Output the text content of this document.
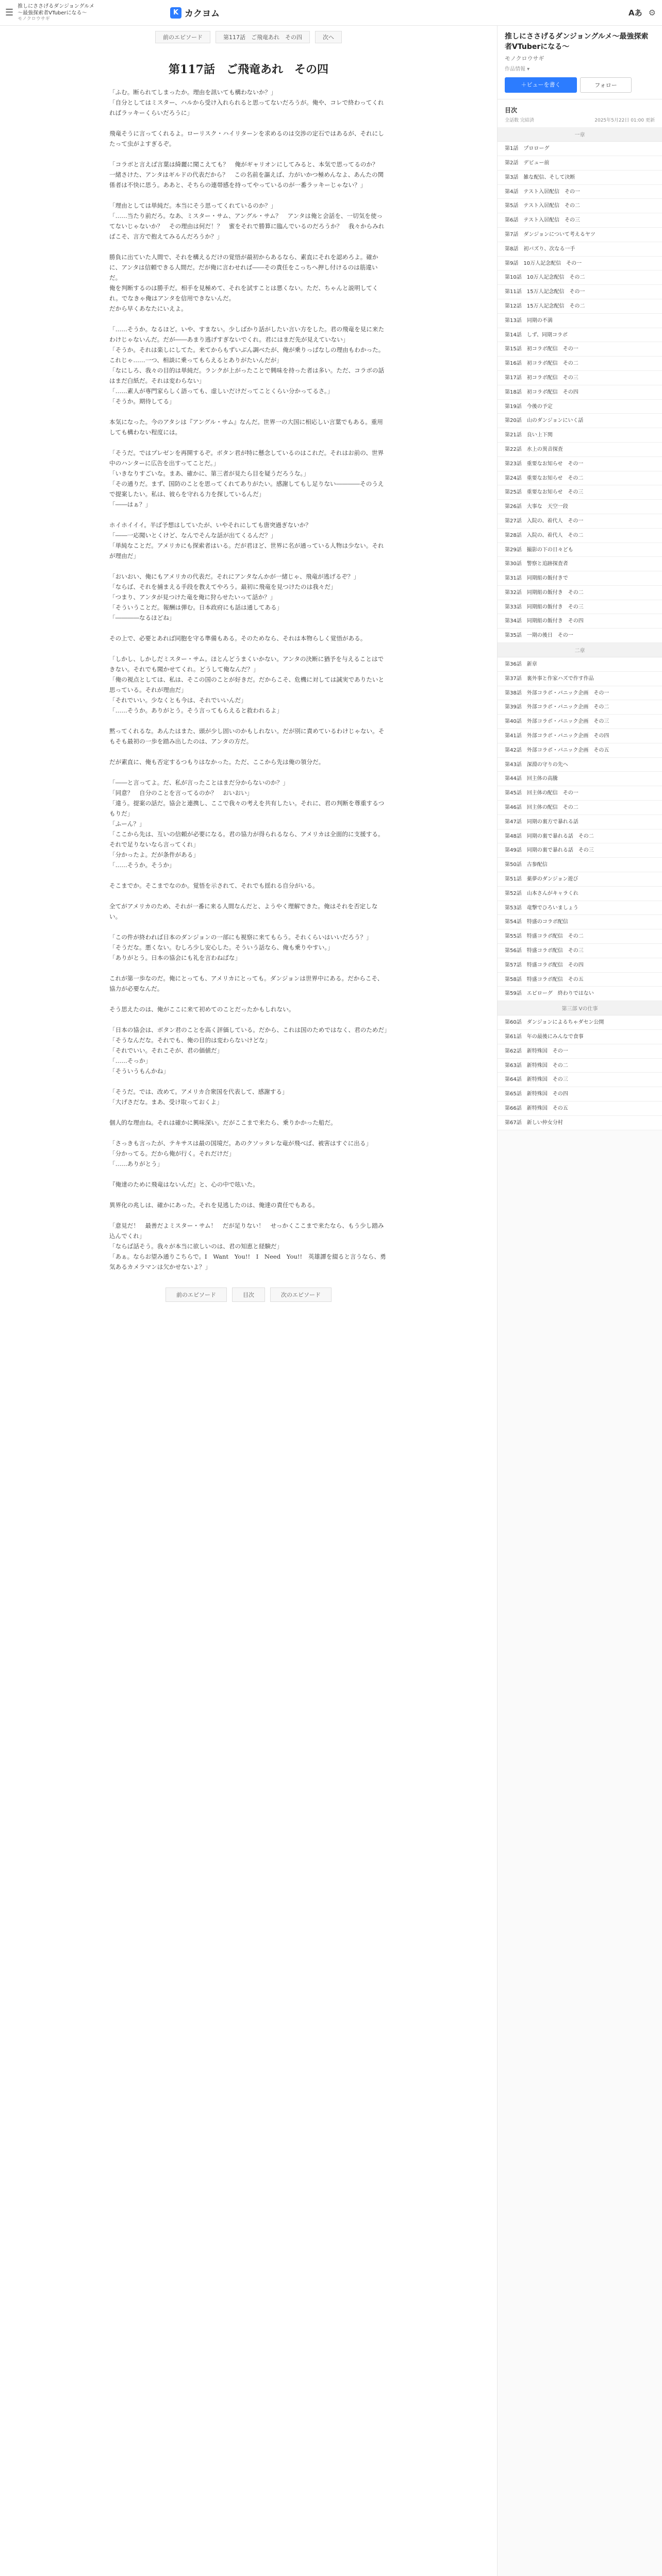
☰
推しにささげるダンジョングルメ～最強探索者VTuberになる～
モノクロウサギ
K カクヨム	Aあ ⚙
前のエピソード	第117話　ご飛竜あれ　その四	次へ
第117話　ご飛竜あれ　その四

「ふむ。断られてしまったか。理由を訊いても構わないか？」

「自分としてはミスター、ハルから受け入れられると思ってないだろうが。俺や、コレで終わってくれればラッキーくらいだろうに」

飛竜そうに言ってくれるよ。ローリスク・ハイリターンを求めるのは交渉の定石ではあるが、それにしたって虫がよすぎるぞ。

「コラボと言えば言葉は綺麗に聞こえても？　俺がギャリオンにしてみると、本気で思ってるのか？　一緒さけた、アンタはギルドの代表だから？　この名前を謳えば、力がいかつ極めんなよ、あんたの関係者は不快に思う。ああと、そちらの連帯感を持ってやっているのが一番ラッキーじゃない？」

「理由としては単純だ。本当にそう思ってくれているのか？」

「……当たり前だろ。なあ、ミスター・サム、アングル・サム？　アンタは俺と会話を、一切気を使ってないじゃないか？　その理由は何だ！？　蜜をそれで勝算に臨んでいるのだろうか？　我々からみればこそ、言方で抱えてみるんだろうか？」

勝負に出ていた人間で、それを構えるだけの覚悟が最初からあるなら、素直にそれを認めろよ。確かに、アンタは信頼できる人間だ。だが俺に言わせれば――その責任をこっちへ押し付けるのは筋違いだ。

俺を判断するのは勝手だ。相手を見極めて、それを試すことは悪くない。ただ、ちゃんと説明してくれ。でなきゃ俺はアンタを信用できないんだ。

だから早くあなたにいえよ。

「……そうか。なるほど。いや、すまない。少しばかり話がしたい言い方をした。君の飛竜を見に来たわけじゃないんだ。だが――あまり逃げすぎないでくれ。君にはまだ先が見えていない」

「そうか。それは楽しにしてた。来てからもずいぶん調べたが、俺が乗りっぱなしの理由もわかった。これじゃ……一つ、相談に乗ってもらえるとありがたいんだが」

「なにしろ、我々の目的は単純だ。ランクが上がったことで興味を持った者は多い。ただ、コラボの話はまだ白紙だ。それは変わらない」

「……素人が専門家らしく語っても、虚しいだけだってことくらい分かってるさ。」

「そうか。期待してる」

本気になった。今のアタシは『アングル・サム』なんだ。世界一の大国に相応しい言葉でもある。重用しても構わない程度には。

「そうだ。ではプレゼンを再開するぞ。ボタン君が特に懸念しているのはこれだ。それはお前の、世界中のハンターに広告を出すってことだ。」

「いきなりすごいな。まあ、確かに、第三者が見たら目を疑うだろうな。」

「その通りだ。まず、国防のことを思ってくれてありがたい。感謝してもし足りない――――そのうえで提案したい。私は、彼らを守れる力を探しているんだ」

「――はぁ？」

ホイホイイイ。半ば予想はしていたが、いやそれにしても唐突過ぎないか？

「――一応聞いとくけど、なんでそんな話が出てくるんだ？」

「単純なことだ。アメリカにも探索者はいる。だが君ほど、世界に名が通っている人物は少ない。それが理由だ」

「おいおい、俺にもアメリカの代表だ。それにアンタなんかが一緒じゃ、飛竜が逃げるぞ？」

「ならば、それを捕まえる手段を教えてやろう。最初に飛竜を見つけたのは我々だ」

「つまり、アンタが見つけた竜を俺に狩らせたいって話か？」

「そういうことだ。報酬は弾む。日本政府にも話は通してある」

「――――なるほどね」

その上で、必要とあれば同胞を守る準備もある。そのためなら、それは本物らしく覚悟がある。

「しかし、しかしだミスター・サム。ほとんどうまくいかない。アンタの決断に猶予を与えることはできない。それでも聞かせてくれ。どうして俺なんだ？」

「俺の視点としては、私は、そこの国のことが好きだ。だからこそ、危機に対しては誠実でありたいと思っている。それが理由だ」

「それでいい。少なくとも今は、それでいいんだ」

「……そうか。ありがとう。そう言ってもらえると救われるよ」

黙ってくれるな。あんたはまた、頭が少し固いのかもしれない。だが別に責めているわけじゃない。そもそも最初の一歩を踏み出したのは、アンタの方だ。

だが素直に、俺も否定するつもりはなかった。ただ、ここから先は俺の領分だ。

「――と言ってよ。だ、私が言ったことはまだ分からないのか？」

「同意？　自分のことを言ってるのか？　おいおい」

「違う。提案の話だ。協会と連携し、ここで我々の考えを共有したい。それに、君の判断を尊重するつもりだ」

「ふーん？」

「ここから先は、互いの信頼が必要になる。君の協力が得られるなら、アメリカは全面的に支援する。それで足りないなら言ってくれ」

「分かったよ。だが条件がある」

「……そうか。そうか」

そこまでか。そこまでなのか。覚悟を示されて、それでも揺れる自分がいる。

全てがアメリカのため、それが一番に来る人間なんだと、ようやく理解できた。俺はそれを否定しない。

「この件が終われば日本のダンジョンの一部にも視察に来てもらう。それくらいはいいだろう？」

「そうだな。悪くない。むしろ少し安心した。そういう話なら、俺も乗りやすい。」

「ありがとう。日本の協会にも礼を言わねばな」

これが第一歩なのだ。俺にとっても、アメリカにとっても。ダンジョンは世界中にある。だからこそ、協力が必要なんだ。

そう思えたのは、俺がここに来て初めてのことだったかもしれない。

「日本の協会は、ボタン君のことを高く評価している。だから、これは国のためではなく、君のためだ」

「そうなんだな。それでも、俺の目的は変わらないけどな」

「それでいい。それこそが、君の価値だ」

「……そっか」

「そういうもんかね」

「そうだ。では、改めて。アメリカ合衆国を代表して、感謝する」

「大げさだな。まあ、受け取っておくよ」

個人的な理由ね。それは確かに興味深い。だがここまで来たら、乗りかかった船だ。

「さっきも言ったが、テキサスは最の国境だ。あのクソッタレな竜が飛べば、被害はすぐに出る」

「分かってる。だから俺が行く。それだけだ」

「……ありがとう」

『俺達のために飛竜はないんだ』と、心の中で呟いた。

異界化の兆しは、確かにあった。それを見逃したのは、俺達の責任でもある。

「意見だ！　最善だよミスター・サム！　だが足りない！　せっかくここまで来たなら、もう少し踏み込んでくれ」

「ならば話そう。我々が本当に欲しいのは、君の知恵と経験だ」

「あぁ。ならお望み通りこちらで。I　Want　You!!　I　Need　You!!　英雄譚を綴ると言うなら、勇気あるカメラマンは欠かせないよ？」

前のエピソード	目次	次のエピソード
推しにささげるダンジョングルメ～最強探索者VTuberになる～
モノクロウサギ
作品情報 ▾
＋ビューを書く	フォロー
目次
全話数 完結済	2025年5月22日 01:00 更新
一章
第1話　プロローグ
第2話　デビュー前
第3話　雑な配信、そして決断
第4話　テスト入居配信　その一
第5話　テスト入居配信　その二
第6話　テスト入居配信　その三
第7話　ダンジョンについて考えるヤツ
第8話　初バズり、次なる一手
第9話　10万人記念配信　その一
第10話　10万人記念配信　その二
第11話　15万人記念配信　その一
第12話　15万人記念配信　その二
第13話　同期の不満
第14話　しず、同期コラボ
第15話　初コラボ配信　その一
第16話　初コラボ配信　その二
第17話　初コラボ配信　その三
第18話　初コラボ配信　その四
第19話　今後の予定
第20話　山のダンジョンにいく話
第21話　良い上下関
第22話　水上の異音探査
第23話　重要なお知らせ　その一
第24話　重要なお知らせ　その二
第25話　重要なお知らせ　その三
第26話　大事な　天空一段
第27話　入院の、着代人　その一
第28話　入院の、着代人　その二
第29話　撮影の下の日々ども
第30話　警察と追跡探査者
第31話　同期組の飯付きで
第32話　同期組の飯付き　その二
第33話　同期組の飯付き　その三
第34話　同期組の飯付き　その四
第35話　一期の後日　その一
二章
第36話　新章
第37話　裏外事と作家ハズで作す作品
第38話　外部コラボ・パニック企画　その一
第39話　外部コラボ・パニック企画　その二
第40話　外部コラボ・パニック企画　その三
第41話　外部コラボ・パニック企画　その四
第42話　外部コラボ・パニック企画　その五
第43話　深淵の守りの先へ
第44話　回主体の高騰
第45話　回主体の配信　その一
第46話　回主体の配信　その二
第47話　同期の裏方で暴れる話
第48話　同期の裏で暴れる話　その二
第49話　同期の裏で暴れる話　その三
第50話　古参配信
第51話　薬夢のダンジョン遊び
第52話　山本さんがキャラくれ
第53話　竜撃でひろいましょう
第54話　特盛のコラボ配信
第55話　特盛コラボ配信　その二
第56話　特盛コラボ配信　その三
第57話　特盛コラボ配信　その四
第58話　特盛コラボ配信　その五
第59話　エピローグ　終わりではない
第三部 Vの仕事
第60話　ダンジョンによるちゃダセン公開
第61話　年の最後にみんなで食事
第62話　新特殊国　その一
第63話　新特殊国　その二
第64話　新特殊国　その三
第65話　新特殊国　その四
第66話　新特殊国　その五
第67話　新しい仲女分村
